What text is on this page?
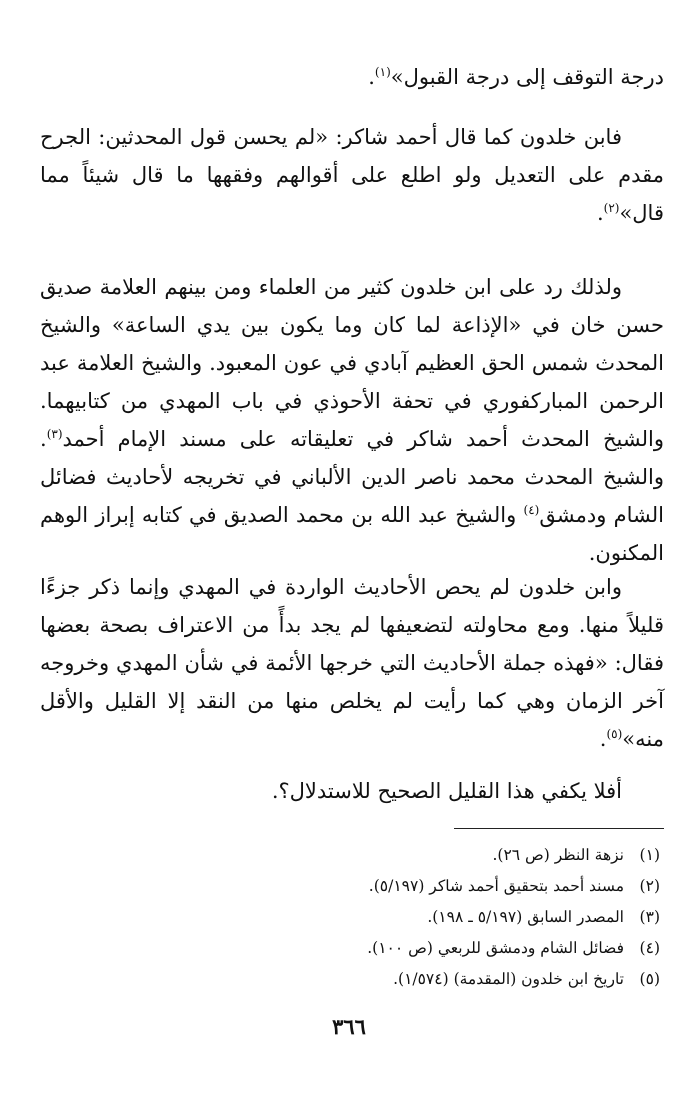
درجة التوقف إلى درجة القبول»$^{(١)}$.

فابن خلدون كما قال أحمد شاكر: «لم يحسن قول المحدثين: الجرح مقدم على التعديل ولو اطلع على أقوالهم وفقهها ما قال شيئاً مما قال»$^{(٢)}$.

ولذلك رد على ابن خلدون كثير من العلماء ومن بينهم العلامة صديق حسن خان في «الإذاعة لما كان وما يكون بين يدي الساعة» والشيخ المحدث شمس الحق العظيم آبادي في عون المعبود. والشيخ العلامة عبد الرحمن المباركفوري في تحفة الأحوذي في باب المهدي من كتابيهما. والشيخ المحدث أحمد شاكر في تعليقاته على مسند الإمام أحمد$^{(٣)}$. والشيخ المحدث محمد ناصر الدين الألباني في تخريجه لأحاديث فضائل الشام ودمشق$^{(٤)}$ والشيخ عبد الله بن محمد الصديق في كتابه إبراز الوهم المكنون.

وابن خلدون لم يحص الأحاديث الواردة في المهدي وإنما ذكر جزءًا قليلاً منها. ومع محاولته لتضعيفها لم يجد بدأً من الاعتراف بصحة بعضها فقال: «فهذه جملة الأحاديث التي خرجها الأئمة في شأن المهدي وخروجه آخر الزمان وهي كما رأيت لم يخلص منها من النقد إلا القليل والأقل منه»$^{(٥)}$.

أفلا يكفي هذا القليل الصحيح للاستدلال؟.

(١)
نزهة النظر (ص ٢٦).
(٢)
مسند أحمد بتحقيق أحمد شاكر (٥/١٩٧).
(٣)
المصدر السابق (٥/١٩٧ ـ ١٩٨).
(٤)
فضائل الشام ودمشق للربعي (ص ١٠٠).
(٥)
تاريخ ابن خلدون (المقدمة) (١/٥٧٤).
٣٦٦
